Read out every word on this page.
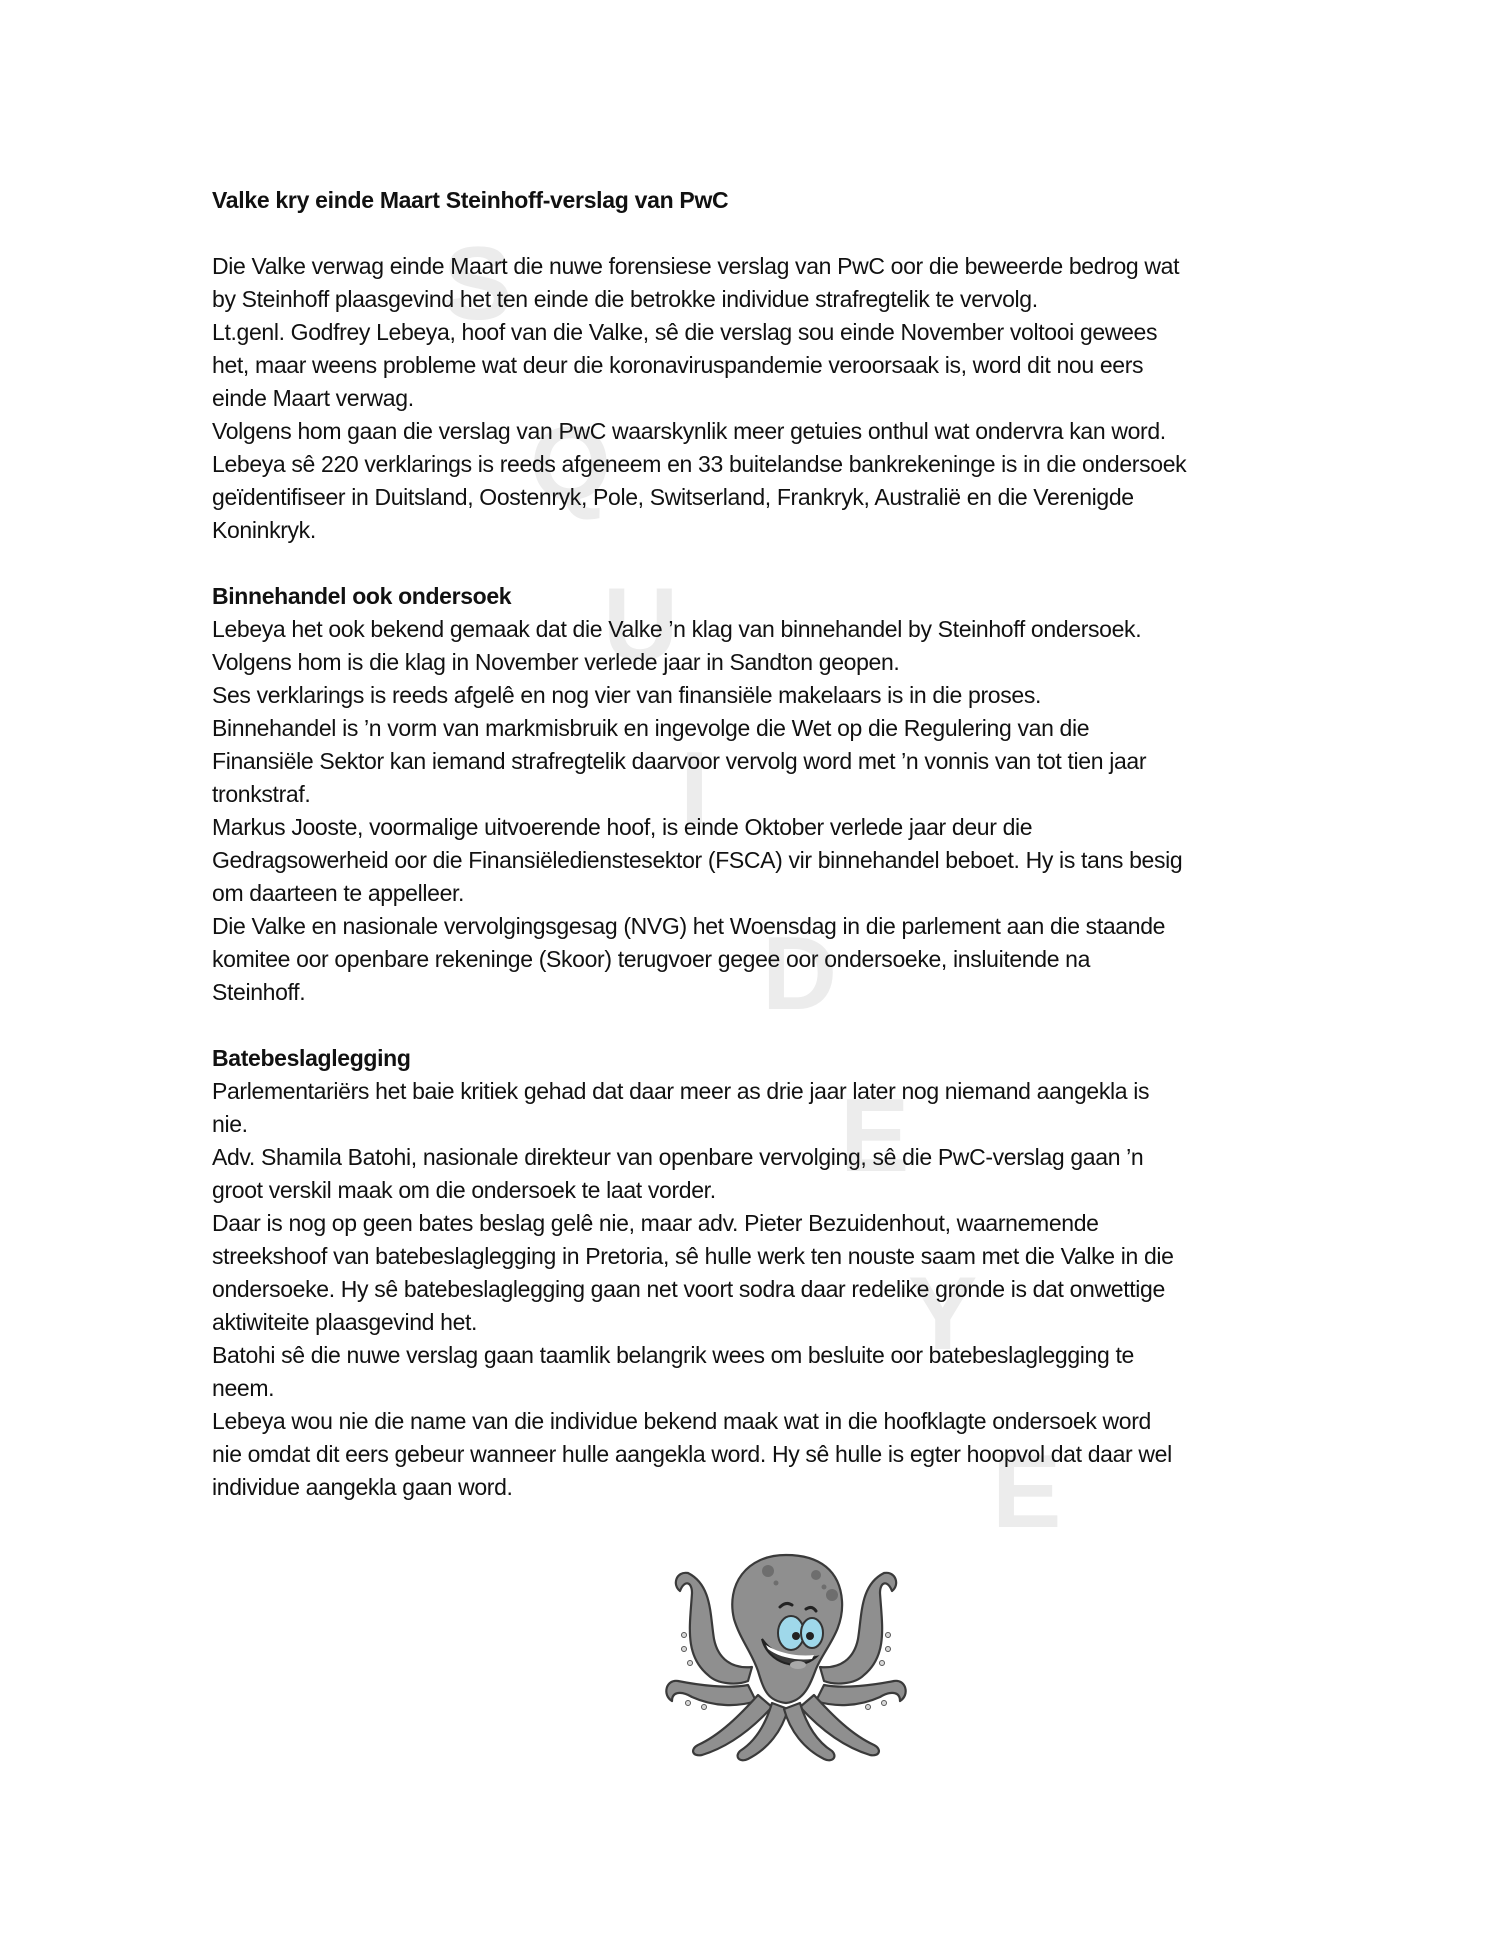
S
Q
U
I
D
E
Y
E
Valke kry einde Maart Steinhoff-verslag van PwC
Die Valke verwag einde Maart die nuwe forensiese verslag van PwC oor die beweerde bedrog wat
by Steinhoff plaasgevind het ten einde die betrokke individue strafregtelik te vervolg.
Lt.genl. Godfrey Lebeya, hoof van die Valke, sê die verslag sou einde November voltooi gewees
het, maar weens probleme wat deur die koronaviruspandemie veroorsaak is, word dit nou eers
einde Maart verwag.
Volgens hom gaan die verslag van PwC waarskynlik meer getuies onthul wat ondervra kan word.
Lebeya sê 220 verklarings is reeds afgeneem en 33 buitelandse bankrekeninge is in die ondersoek
geïdentifiseer in Duitsland, Oostenryk, Pole, Switserland, Frankryk, Australië en die Verenigde
Koninkryk.
Binnehandel ook ondersoek
Lebeya het ook bekend gemaak dat die Valke ’n klag van binnehandel by Steinhoff ondersoek.
Volgens hom is die klag in November verlede jaar in Sandton geopen.
Ses verklarings is reeds afgelê en nog vier van finansiële makelaars is in die proses.
Binnehandel is ’n vorm van markmisbruik en ingevolge die Wet op die Regulering van die
Finansiële Sektor kan iemand strafregtelik daarvoor vervolg word met ’n vonnis van tot tien jaar
tronkstraf.
Markus Jooste, voormalige uitvoerende hoof, is einde Oktober verlede jaar deur die
Gedragsowerheid oor die Finansiëledienstesektor (FSCA) vir binnehandel beboet. Hy is tans besig
om daarteen te appelleer.
Die Valke en nasionale vervolgingsgesag (NVG) het Woensdag in die parlement aan die staande
komitee oor openbare rekeninge (Skoor) terugvoer gegee oor ondersoeke, insluitende na
Steinhoff.
Batebeslaglegging
Parlementariërs het baie kritiek gehad dat daar meer as drie jaar later nog niemand aangekla is
nie.
Adv. Shamila Batohi, nasionale direkteur van openbare vervolging, sê die PwC-verslag gaan ’n
groot verskil maak om die ondersoek te laat vorder.
Daar is nog op geen bates beslag gelê nie, maar adv. Pieter Bezuidenhout, waarnemende
streekshoof van batebeslaglegging in Pretoria, sê hulle werk ten nouste saam met die Valke in die
ondersoeke. Hy sê batebeslaglegging gaan net voort sodra daar redelike gronde is dat onwettige
aktiwiteite plaasgevind het.
Batohi sê die nuwe verslag gaan taamlik belangrik wees om besluite oor batebeslaglegging te
neem.
Lebeya wou nie die name van die individue bekend maak wat in die hoofklagte ondersoek word
nie omdat dit eers gebeur wanneer hulle aangekla word. Hy sê hulle is egter hoopvol dat daar wel
individue aangekla gaan word.
